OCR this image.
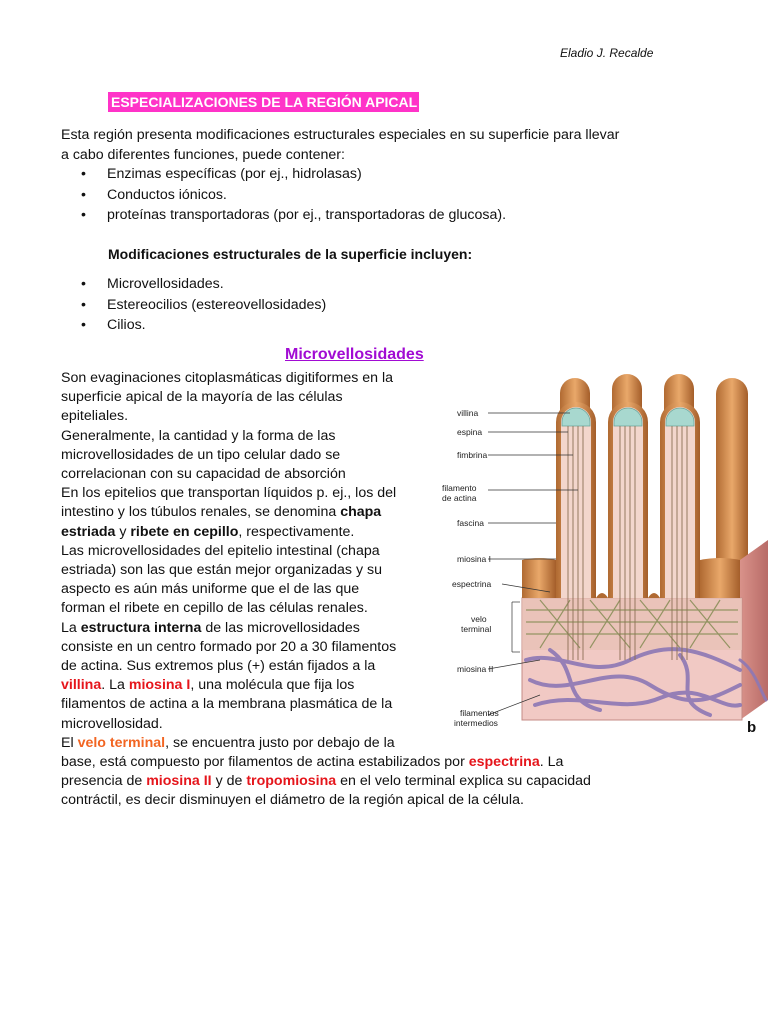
Eladio J. Recalde
ESPECIALIZACIONES DE LA REGIÓN APICAL
Esta región presenta modificaciones estructurales especiales en su superficie para llevar
a cabo diferentes funciones, puede contener:
• Enzimas específicas (por ej., hidrolasas)
• Conductos iónicos.
• proteínas transportadoras (por ej., transportadoras de glucosa).
Modificaciones estructurales de la superficie incluyen:
• Microvellosidades.
• Estereocilios (estereovellosidades)
• Cilios.
Microvellosidades
Son evaginaciones citoplasmáticas digitiformes en la
superficie apical de la mayoría de las células
epiteliales.
Generalmente, la cantidad y la forma de las
microvellosidades de un tipo celular dado se
correlacionan con su capacidad de absorción
En los epitelios que transportan líquidos p. ej., los del
intestino y los túbulos renales, se denomina chapa
estriada y ribete en cepillo, respectivamente.
Las microvellosidades del epitelio intestinal (chapa
estriada) son las que están mejor organizadas y su
aspecto es aún más uniforme que el de las que
forman el ribete en cepillo de las células renales.
La estructura interna de las microvellosidades
consiste en un centro formado por 20 a 30 filamentos
de actina. Sus extremos plus (+) están fijados a la
villina. La miosina I, una molécula que fija los
filamentos de actina a la membrana plasmática de la
microvellosidad.
El velo terminal, se encuentra justo por debajo de la
base, está compuesto por filamentos de actina estabilizados por espectrina. La
presencia de miosina II y de tropomiosina en el velo terminal explica su capacidad
contráctil, es decir disminuyen el diámetro de la región apical de la célula.
villina
espina
fimbrina
filamento
de actina
fascina
miosina I
espectrina
velo
terminal
miosina II
filamentos
intermedios	b
